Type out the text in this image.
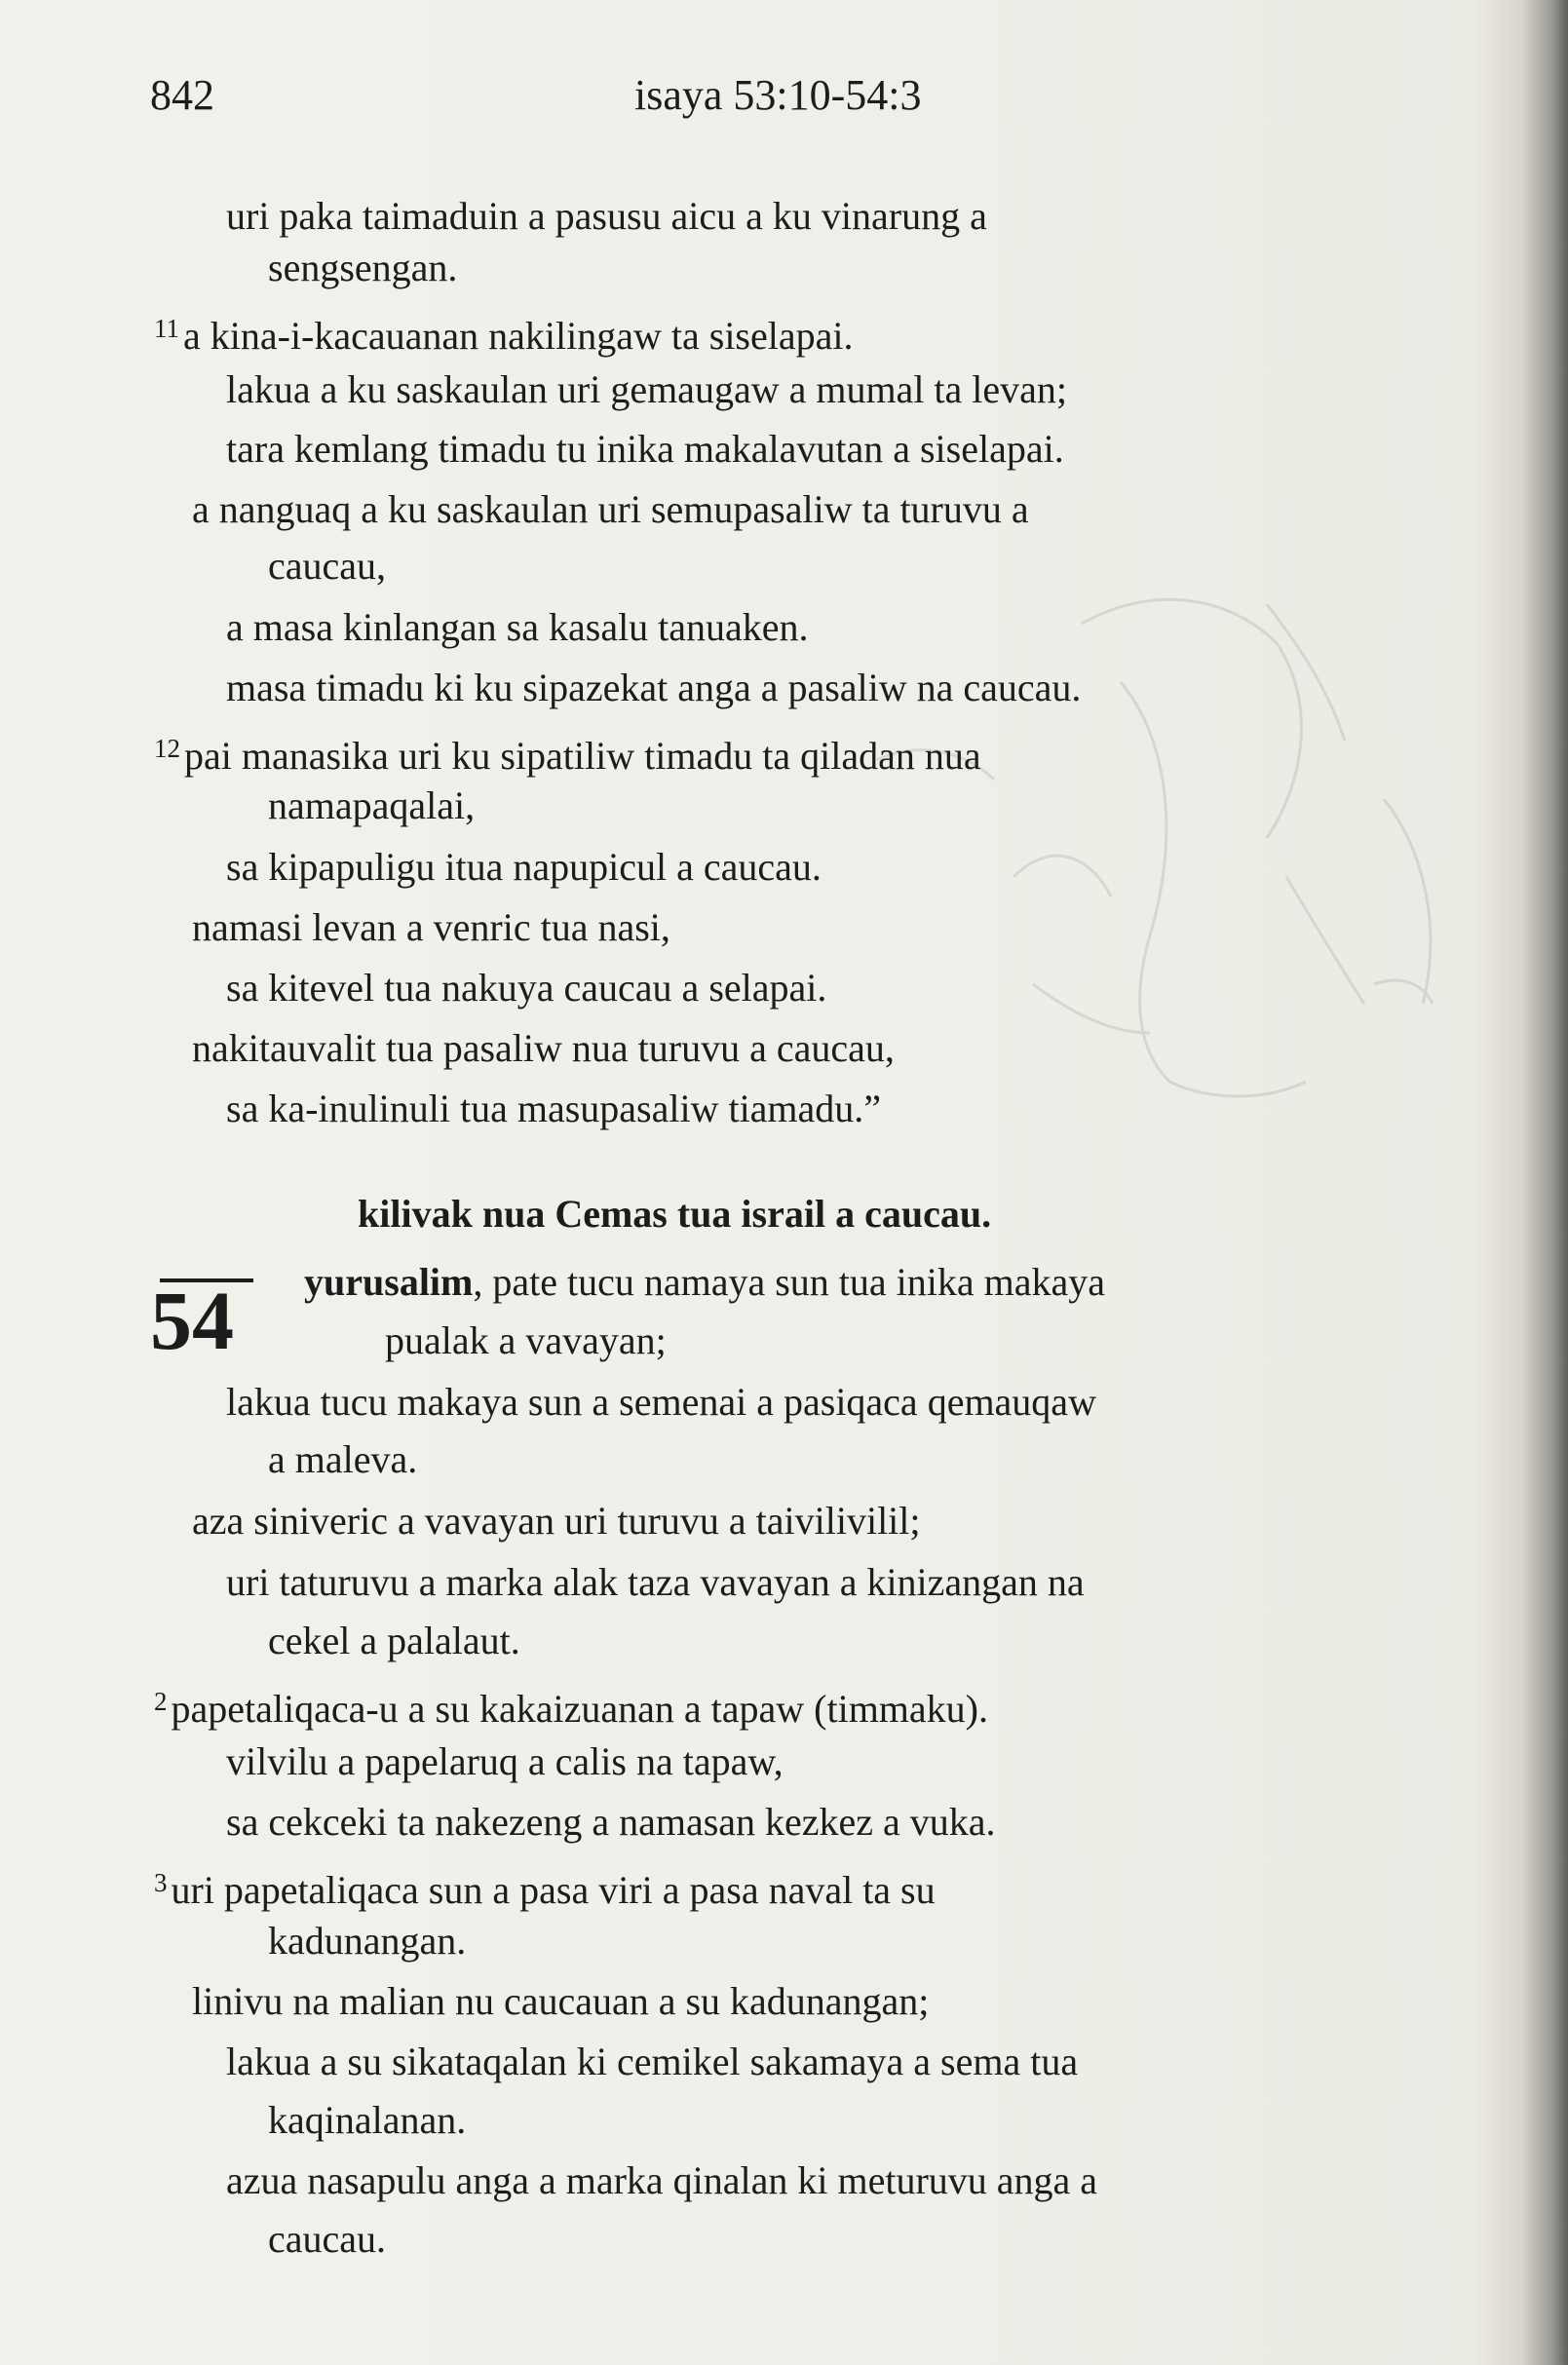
842	isaya 53:10-54:3
uri paka taimaduin a pasusu aicu a ku vinarung a
sengsengan.
$^{11}$ a kina-i-kacauanan nakilingaw ta siselapai.
lakua a ku saskaulan uri gemaugaw a mumal ta levan;
tara kemlang timadu tu inika makalavutan a siselapai.
a nanguaq a ku saskaulan uri semupasaliw ta turuvu a
caucau,
a masa kinlangan sa kasalu tanuaken.
masa timadu ki ku sipazekat anga a pasaliw na caucau.
$^{12}$ pai manasika uri ku sipatiliw timadu ta qiladan nua
namapaqalai,
sa kipapuligu itua napupicul a caucau.
namasi levan a venric tua nasi,
sa kitevel tua nakuya caucau a selapai.
nakitauvalit tua pasaliw nua turuvu a caucau,
sa ka-inulinuli tua masupasaliw tiamadu.”
kilivak nua Cemas tua israil a caucau.
54 yurusalim, pate tucu namaya sun tua inika makaya
pualak a vavayan;
lakua tucu makaya sun a semenai a pasiqaca qemauqaw
a maleva.
aza siniveric a vavayan uri turuvu a taivilivilil;
uri taturuvu a marka alak taza vavayan a kinizangan na
cekel a palalaut.
$^2$ papetaliqaca-u a su kakaizuanan a tapaw (timmaku).
vilvilu a papelaruq a calis na tapaw,
sa cekceki ta nakezeng a namasan kezkez a vuka.
$^3$ uri papetaliqaca sun a pasa viri a pasa naval ta su
kadunangan.
linivu na malian nu caucauan a su kadunangan;
lakua a su sikataqalan ki cemikel sakamaya a sema tua
kaqinalanan.
azua nasapulu anga a marka qinalan ki meturuvu anga a
caucau.
